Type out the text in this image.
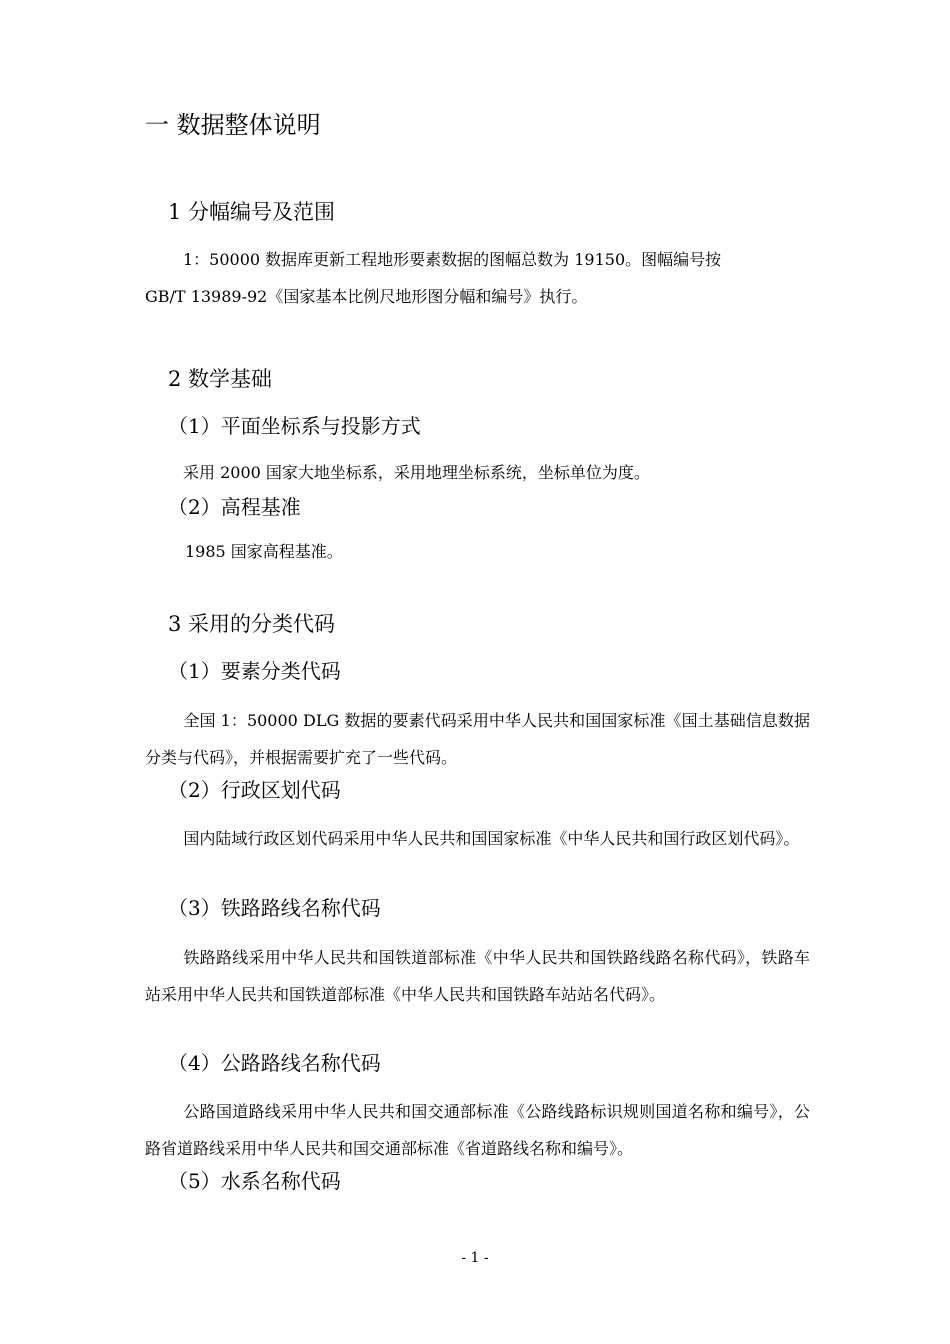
一 数据整体说明
1 分幅编号及范围
1：50000 数据库更新工程地形要素数据的图幅总数为 19150。图幅编号按
GB/T 13989-92《国家基本比例尺地形图分幅和编号》执行。
2 数学基础
（1）平面坐标系与投影方式
采用 2000 国家大地坐标系，采用地理坐标系统，坐标单位为度。
（2）高程基准
1985 国家高程基准。
3 采用的分类代码
（1）要素分类代码
全国 1：50000 DLG 数据的要素代码采用中华人民共和国国家标准《国土基础信息数据分类与代码》，并根据需要扩充了一些代码。
（2）行政区划代码
国内陆域行政区划代码采用中华人民共和国国家标准《中华人民共和国行政区划代码》。
（3）铁路路线名称代码
铁路路线采用中华人民共和国铁道部标准《中华人民共和国铁路线路名称代码》，铁路车站采用中华人民共和国铁道部标准《中华人民共和国铁路车站站名代码》。
（4）公路路线名称代码
公路国道路线采用中华人民共和国交通部标准《公路线路标识规则国道名称和编号》，公路省道路线采用中华人民共和国交通部标准《省道路线名称和编号》。
（5）水系名称代码
- 1 -
